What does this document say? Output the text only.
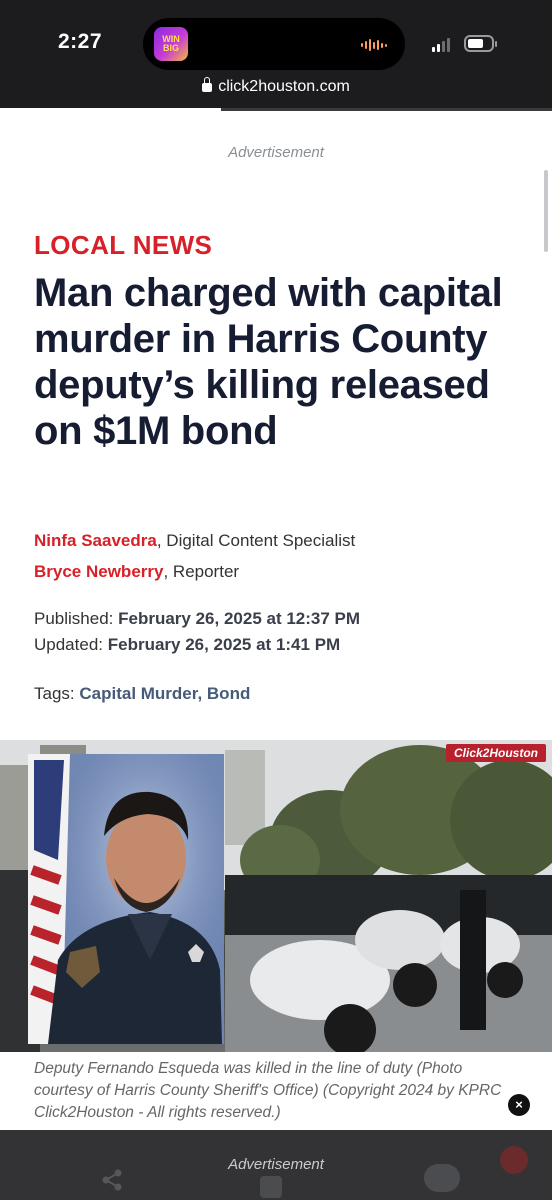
2:27	WIN BIG
click2houston.com
Advertisement
LOCAL NEWS
Man charged with capital murder in Harris County deputy’s killing released on $1M bond
Ninfa Saavedra, Digital Content Specialist
Bryce Newberry, Reporter
Published: February 26, 2025 at 12:37 PM
Updated: February 26, 2025 at 1:41 PM
Tags: Capital Murder, Bond
Click2Houston
Deputy Fernando Esqueda was killed in the line of duty (Photo courtesy of Harris County Sheriff's Office) (Copyright 2024 by KPRC Click2Houston - All rights reserved.)	×
Advertisement
